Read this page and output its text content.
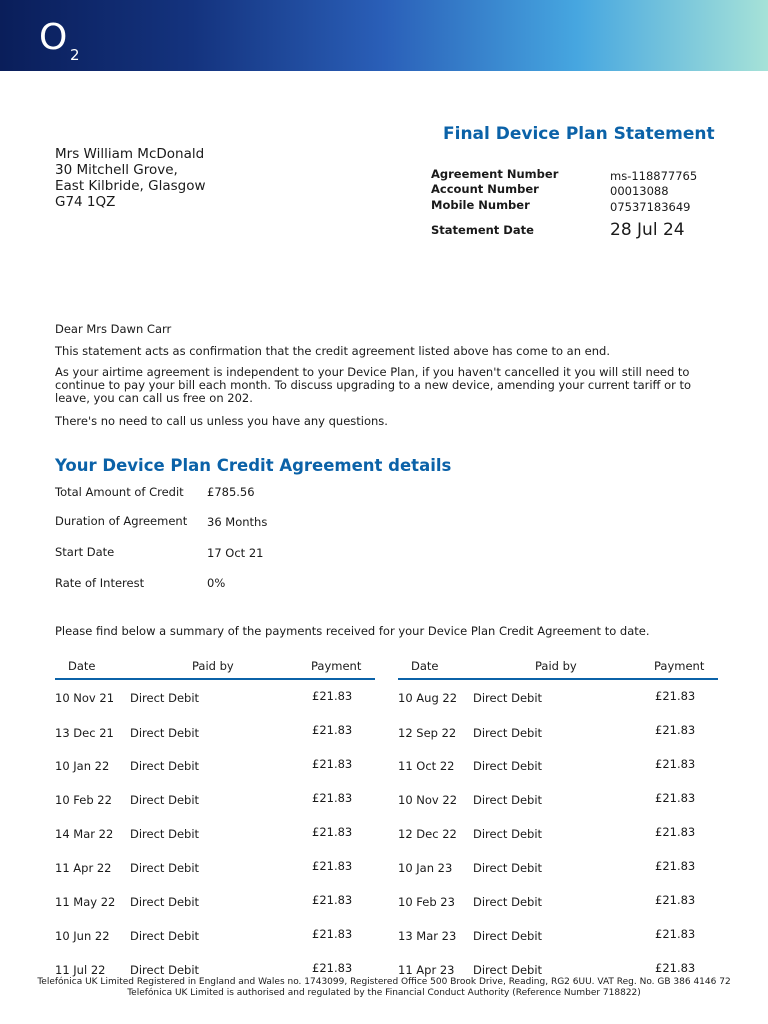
O 2
Final Device Plan Statement
Mrs William McDonald
30 Mitchell Grove,
East Kilbride, Glasgow
G74 1QZ
Agreement Number	ms-118877765
Account Number	00013088
Mobile Number	07537183649
Statement Date	28 Jul 24
Dear Mrs Dawn Carr
This statement acts as confirmation that the credit agreement listed above has come to an end.
As your airtime agreement is independent to your Device Plan, if you haven't cancelled it you will still need to continue to pay your bill each month. To discuss upgrading to a new device, amending your current tariff or to leave, you can call us free on 202.
There's no need to call us unless you have any questions.
Your Device Plan Credit Agreement details
Total Amount of Credit £785.56
Duration of Agreement 36 Months
Start Date	17 Oct 21
Rate of Interest	0%
Please find below a summary of the payments received for your Device Plan Credit Agreement to date.
Date	Paid by	Payment	Date	Paid by	Payment
10 Nov 21 Direct Debit	£21.83
13 Dec 21 Direct Debit	£21.83
10 Jan 22 Direct Debit	£21.83
10 Feb 22 Direct Debit	£21.83
14 Mar 22 Direct Debit	£21.83
11 Apr 22 Direct Debit	£21.83
11 May 22 Direct Debit	£21.83
10 Jun 22 Direct Debit	£21.83
11 Jul 22 Direct Debit	£21.83
10 Aug 22 Direct Debit	£21.83
12 Sep 22 Direct Debit	£21.83
11 Oct 22 Direct Debit	£21.83
10 Nov 22 Direct Debit	£21.83
12 Dec 22 Direct Debit	£21.83
10 Jan 23 Direct Debit	£21.83
10 Feb 23 Direct Debit	£21.83
13 Mar 23 Direct Debit	£21.83
11 Apr 23 Direct Debit	£21.83
Telefónica UK Limited Registered in England and Wales no. 1743099, Registered Office 500 Brook Drive, Reading, RG2 6UU. VAT Reg. No. GB 386 4146 72
Telefónica UK Limited is authorised and regulated by the Financial Conduct Authority (Reference Number 718822)
